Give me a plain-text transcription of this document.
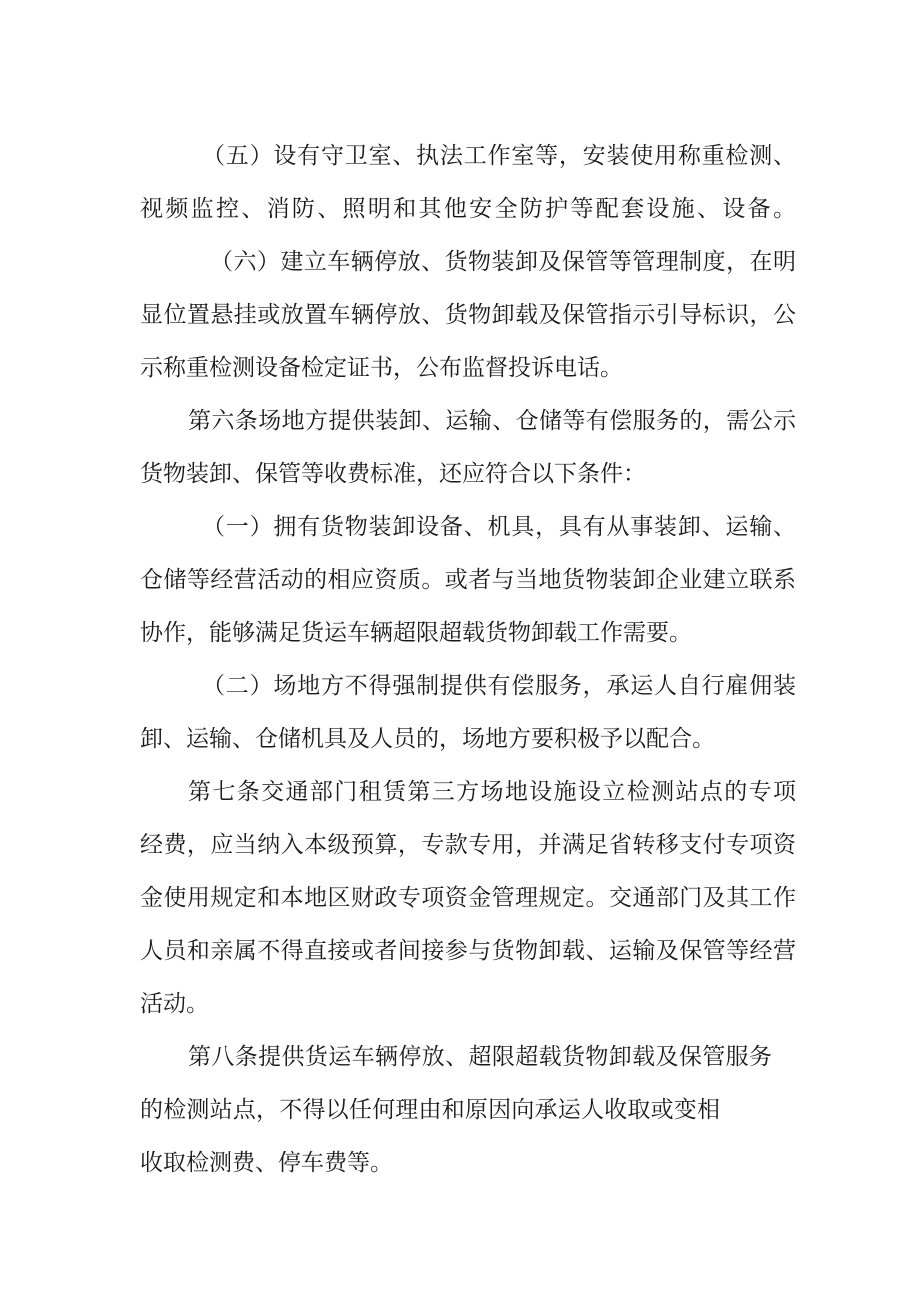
（五）设有守卫室、执法工作室等，安装使用称重检测、
视频监控、消防、照明和其他安全防护等配套设施、设备。
（六）建立车辆停放、货物装卸及保管等管理制度，在明
显位置悬挂或放置车辆停放、货物卸载及保管指示引导标识，公
示称重检测设备检定证书，公布监督投诉电话。
第六条场地方提供装卸、运输、仓储等有偿服务的，需公示
货物装卸、保管等收费标准，还应符合以下条件：
（一）拥有货物装卸设备、机具，具有从事装卸、运输、
仓储等经营活动的相应资质。或者与当地货物装卸企业建立联系
协作，能够满足货运车辆超限超载货物卸载工作需要。
（二）场地方不得强制提供有偿服务，承运人自行雇佣装
卸、运输、仓储机具及人员的，场地方要积极予以配合。
第七条交通部门租赁第三方场地设施设立检测站点的专项
经费，应当纳入本级预算，专款专用，并满足省转移支付专项资
金使用规定和本地区财政专项资金管理规定。交通部门及其工作
人员和亲属不得直接或者间接参与货物卸载、运输及保管等经营
活动。
第八条提供货运车辆停放、超限超载货物卸载及保管服务
的检测站点，不得以任何理由和原因向承运人收取或变相
收取检测费、停车费等。
